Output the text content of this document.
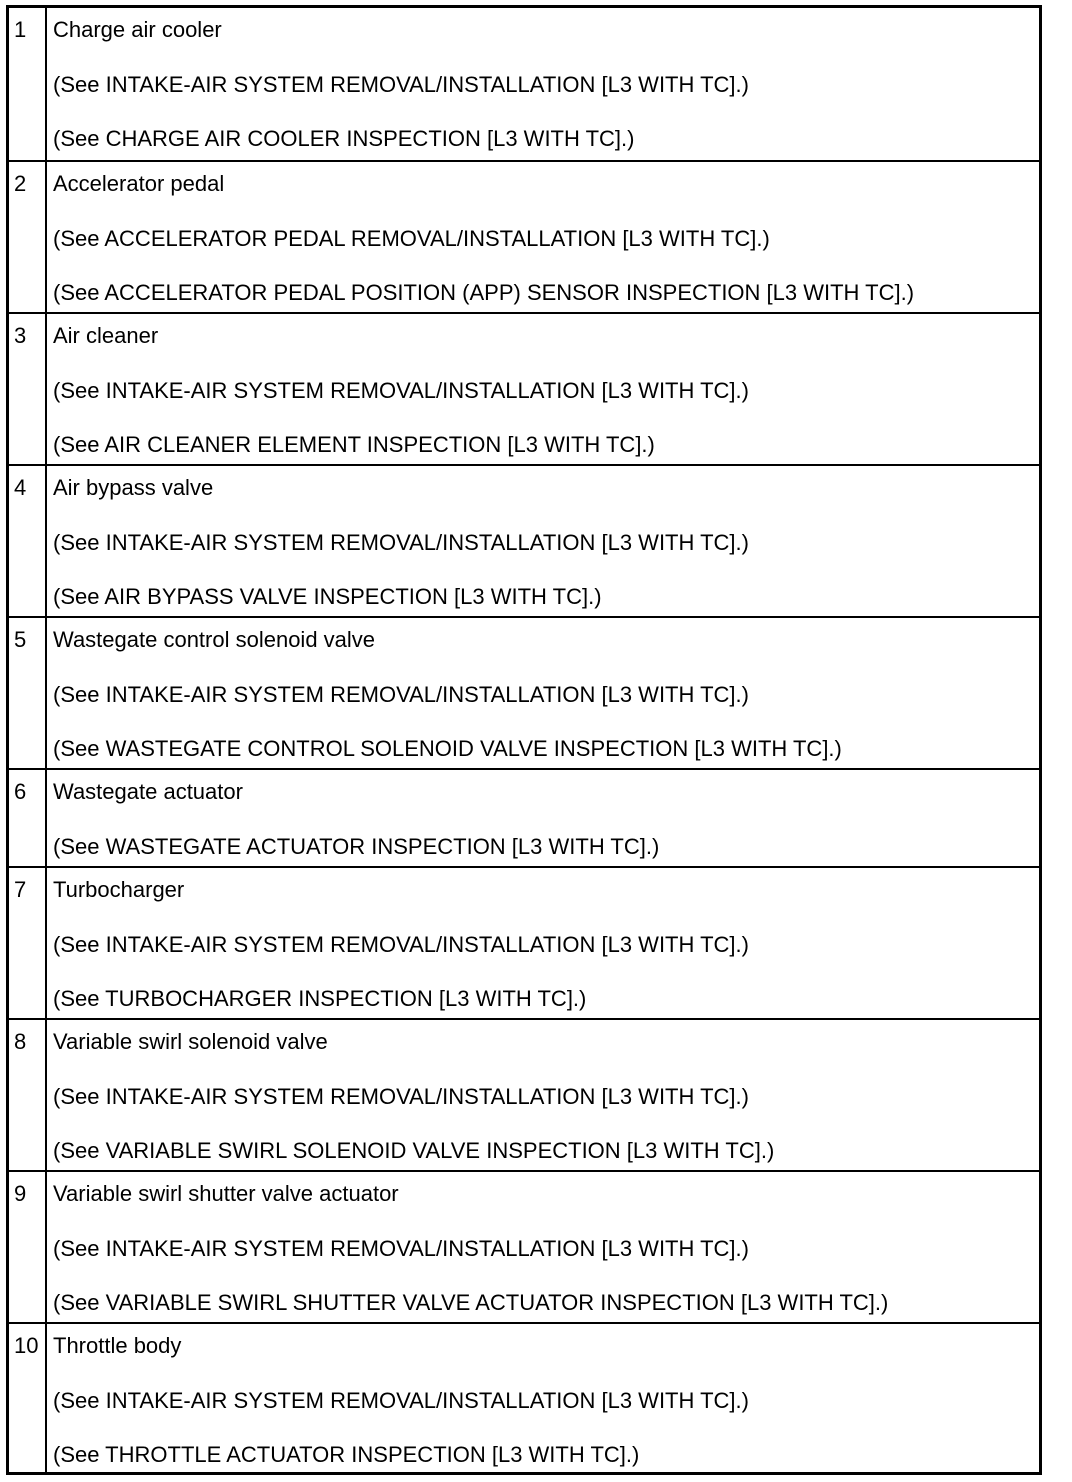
1	Charge air cooler
(See INTAKE-AIR SYSTEM REMOVAL/INSTALLATION [L3 WITH TC].)
(See CHARGE AIR COOLER INSPECTION [L3 WITH TC].)
2	Accelerator pedal
(See ACCELERATOR PEDAL REMOVAL/INSTALLATION [L3 WITH TC].)
(See ACCELERATOR PEDAL POSITION (APP) SENSOR INSPECTION [L3 WITH TC].)
3	Air cleaner
(See INTAKE-AIR SYSTEM REMOVAL/INSTALLATION [L3 WITH TC].)
(See AIR CLEANER ELEMENT INSPECTION [L3 WITH TC].)
4	Air bypass valve
(See INTAKE-AIR SYSTEM REMOVAL/INSTALLATION [L3 WITH TC].)
(See AIR BYPASS VALVE INSPECTION [L3 WITH TC].)
5	Wastegate control solenoid valve
(See INTAKE-AIR SYSTEM REMOVAL/INSTALLATION [L3 WITH TC].)
(See WASTEGATE CONTROL SOLENOID VALVE INSPECTION [L3 WITH TC].)
6	Wastegate actuator
(See WASTEGATE ACTUATOR INSPECTION [L3 WITH TC].)
7	Turbocharger
(See INTAKE-AIR SYSTEM REMOVAL/INSTALLATION [L3 WITH TC].)
(See TURBOCHARGER INSPECTION [L3 WITH TC].)
8	Variable swirl solenoid valve
(See INTAKE-AIR SYSTEM REMOVAL/INSTALLATION [L3 WITH TC].)
(See VARIABLE SWIRL SOLENOID VALVE INSPECTION [L3 WITH TC].)
9	Variable swirl shutter valve actuator
(See INTAKE-AIR SYSTEM REMOVAL/INSTALLATION [L3 WITH TC].)
(See VARIABLE SWIRL SHUTTER VALVE ACTUATOR INSPECTION [L3 WITH TC].)
10 Throttle body
(See INTAKE-AIR SYSTEM REMOVAL/INSTALLATION [L3 WITH TC].)
(See THROTTLE ACTUATOR INSPECTION [L3 WITH TC].)
